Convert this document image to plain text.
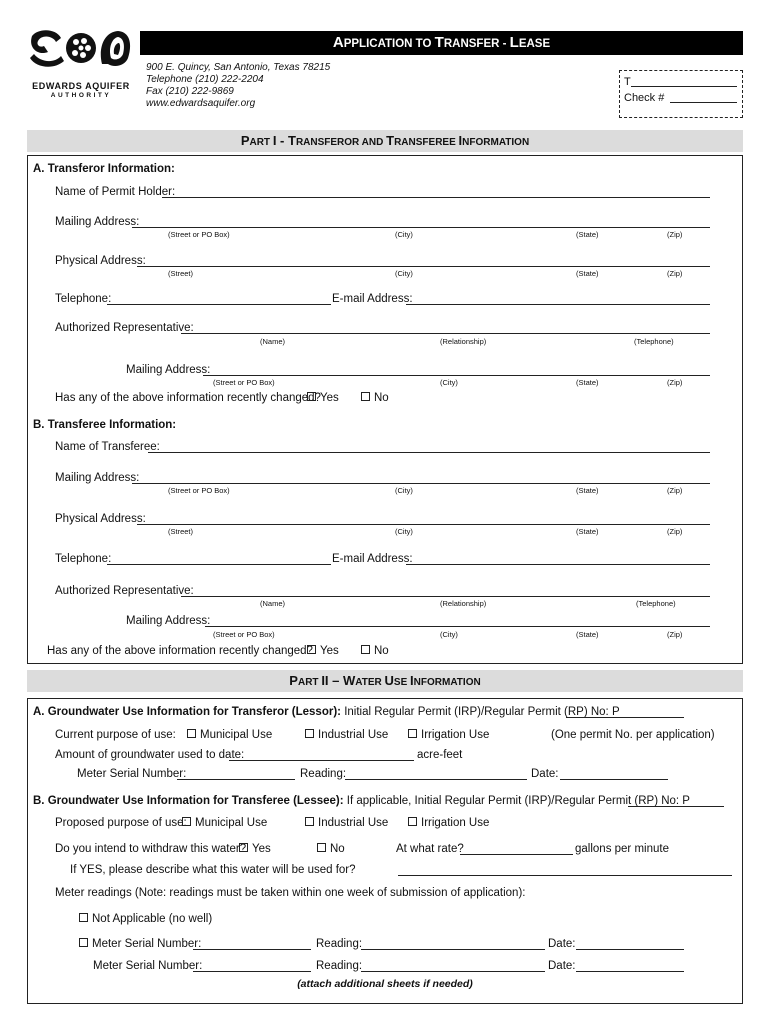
EDWARDS AQUIFER
AUTHORITY
APPLICATION TO TRANSFER - LEASE
900 E. Quincy, San Antonio, Texas 78215
Telephone (210) 222-2204
Fax (210) 222-9869
www.edwardsaquifer.org
T
Check #
PART I - TRANSFEROR AND TRANSFEREE INFORMATION
A. Transferor Information:
Name of Permit Holder:
Mailing Address:
(Street or PO Box)	(City)	(State)	(Zip)
Physical Address:
(Street)	(City)	(State)	(Zip)
Telephone:	E-mail Address:
Authorized Representative:
(Name)	(Relationship)	(Telephone)
Mailing Address:
(Street or PO Box)	(City)	(State)	(Zip)
Has any of the above information recently changed? Yes	No
B. Transferee Information:
Name of Transferee:
Mailing Address:
(Street or PO Box)	(City)	(State)	(Zip)
Physical Address:
(Street)	(City)	(State)	(Zip)
Telephone:	E-mail Address:
Authorized Representative:
(Name)	(Relationship)	(Telephone)
Mailing Address:
(Street or PO Box)	(City)	(State)	(Zip)
Has any of the above information recently changed? Yes	No
PART II – WATER USE INFORMATION
A. Groundwater Use Information for Transferor (Lessor): Initial Regular Permit (IRP)/Regular Permit (RP) No: P
Current purpose of use:	Municipal Use	Industrial Use	Irrigation Use	(One permit No. per application)
Amount of groundwater used to date:	acre-feet
Meter Serial Number:	Reading:	Date:
B. Groundwater Use Information for Transferee (Lessee): If applicable, Initial Regular Permit (IRP)/Regular Permit (RP) No: P
Proposed purpose of use: Municipal Use	Industrial Use	Irrigation Use
Do you intend to withdraw this water? Yes	No	At what rate?	gallons per minute
If YES, please describe what this water will be used for?
Meter readings (Note: readings must be taken within one week of submission of application):
Not Applicable (no well)
Meter Serial Number:	Reading:	Date:
Meter Serial Number:	Reading:	Date:
(attach additional sheets if needed)
